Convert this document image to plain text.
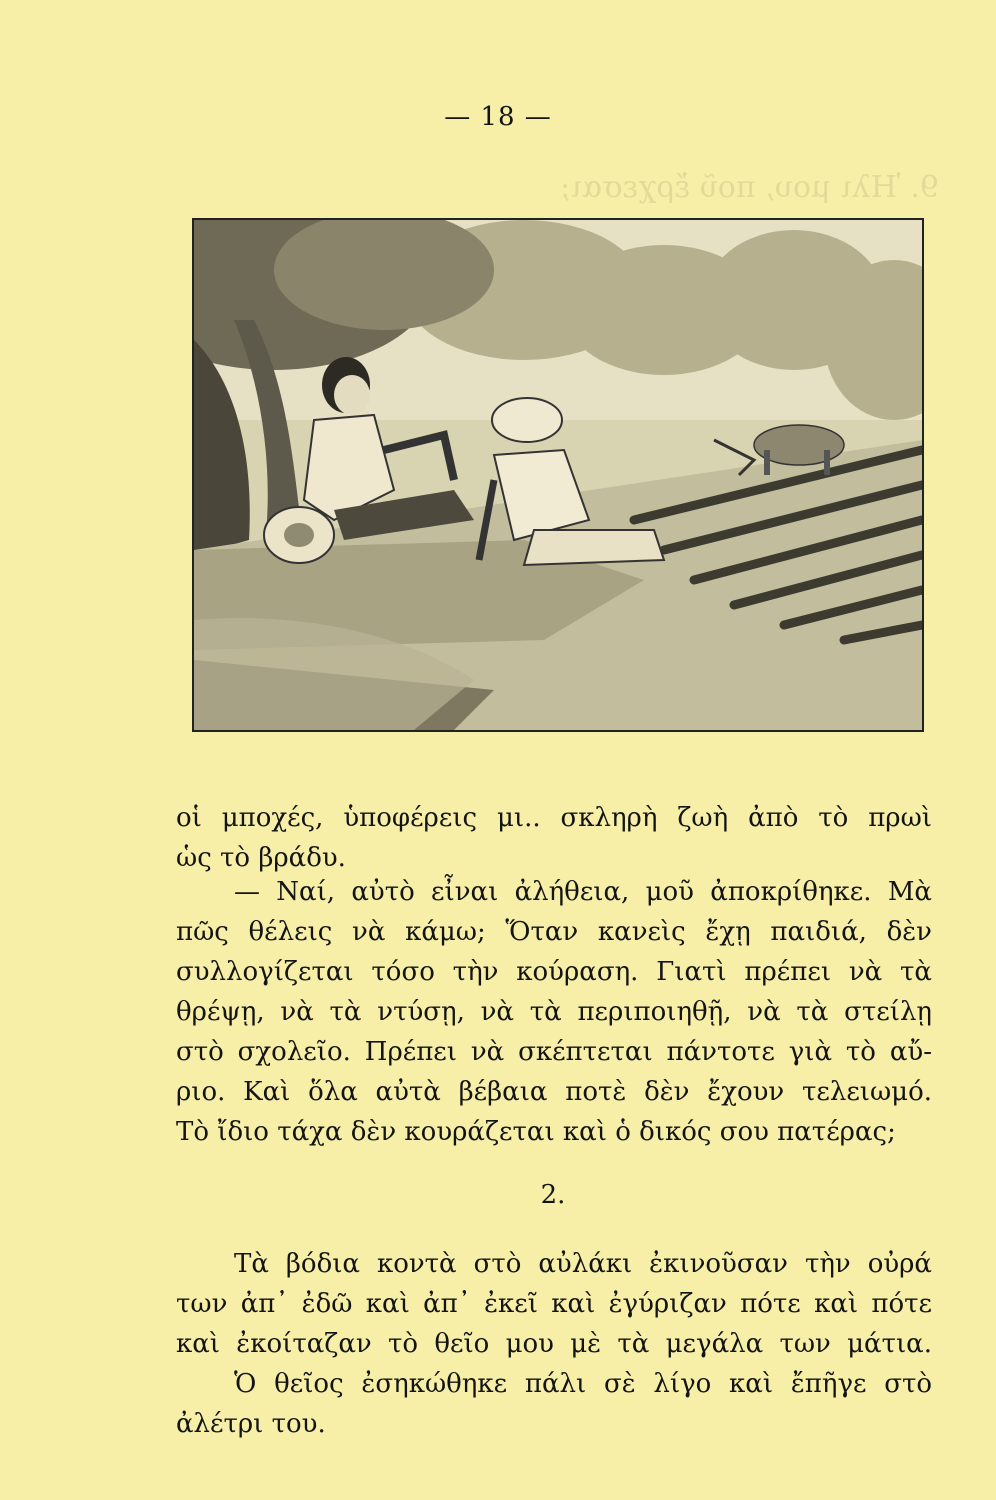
— 18 —
9. Ἠλι μου, ποῦ ἔρχεσαι;
οἱ μποχές, ὑποφέρεις μι.. σκληρὴ ζωὴ ἀπὸ τὸ πρωὶ
ὡς τὸ βράδυ.
— Ναί, αὐτὸ εἶναι ἀλήθεια, μοῦ ἀποκρίθηκε. Μὰ
πῶς θέλεις νὰ κάμω; Ὅταν κανεὶς ἔχῃ παιδιά, δὲν
συλλογίζεται τόσο τὴν κούραση. Γιατὶ πρέπει νὰ τὰ
θρέψῃ, νὰ τὰ ντύσῃ, νὰ τὰ περιποιηθῇ, νὰ τὰ στείλῃ
στὸ σχολεῖο. Πρέπει νὰ σκέπτεται πάντοτε γιὰ τὸ αὔ-
ριο. Καὶ ὅλα αὐτὰ βέβαια ποτὲ δὲν ἔχουν τελειωμό.
Τὸ ἴδιο τάχα δὲν κουράζεται καὶ ὁ δικός σου πατέρας;
2.
Τὰ βόδια κοντὰ στὸ αὐλάκι ἐκινοῦσαν τὴν οὐρά
των ἀπ᾽ ἐδῶ καὶ ἀπ᾽ ἐκεῖ καὶ ἐγύριζαν πότε καὶ πότε
καὶ ἐκοίταζαν τὸ θεῖο μου μὲ τὰ μεγάλα των μάτια.
Ὁ θεῖος ἐσηκώθηκε πάλι σὲ λίγο καὶ ἔπῆγε στὸ
ἀλέτρι του.
